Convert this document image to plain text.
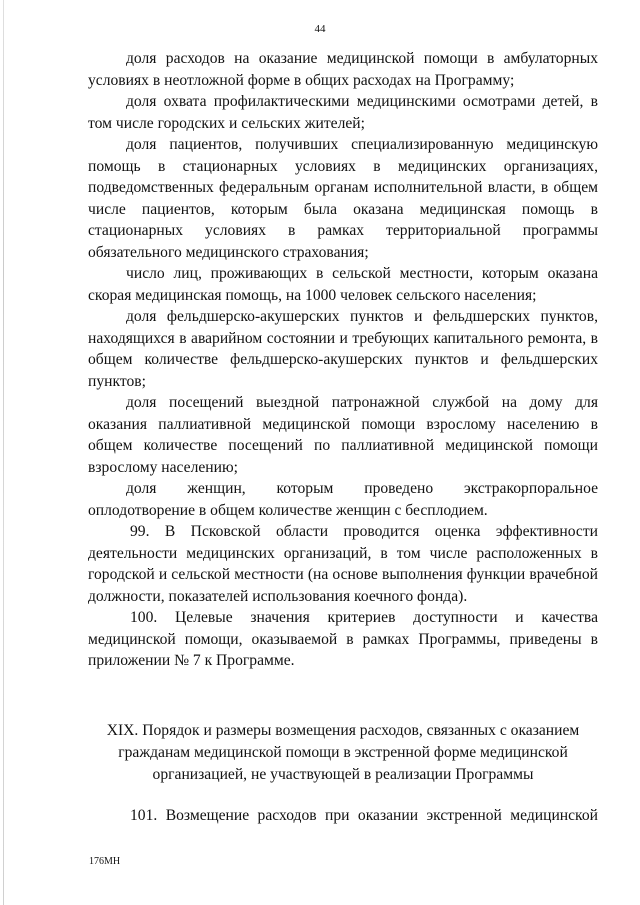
44

доля расходов на оказание медицинской помощи в амбулаторных условиях в неотложной форме в общих расходах на Программу;

доля охвата профилактическими медицинскими осмотрами детей, в том числе городских и сельских жителей;

доля пациентов, получивших специализированную медицинскую помощь в стационарных условиях в медицинских организациях, подведомственных федеральным органам исполнительной власти, в общем числе пациентов, которым была оказана медицинская помощь в стационарных условиях в рамках территориальной программы обязательного медицинского страхования;

число лиц, проживающих в сельской местности, которым оказана скорая медицинская помощь, на 1000 человек сельского населения;

доля фельдшерско-акушерских пунктов и фельдшерских пунктов, находящихся в аварийном состоянии и требующих капитального ремонта, в общем количестве фельдшерско-акушерских пунктов и фельдшерских пунктов;

доля посещений выездной патронажной службой на дому для оказания паллиативной медицинской помощи взрослому населению в общем количестве посещений по паллиативной медицинской помощи взрослому населению;

доля женщин, которым проведено экстракорпоральное оплодотворение в общем количестве женщин с бесплодием.

99. В Псковской области проводится оценка эффективности деятельности медицинских организаций, в том числе расположенных в городской и сельской местности (на основе выполнения функции врачебной должности, показателей использования коечного фонда).

100. Целевые значения критериев доступности и качества медицинской помощи, оказываемой в рамках Программы, приведены в приложении № 7 к Программе.

XIX. Порядок и размеры возмещения расходов, связанных с оказанием гражданам медицинской помощи в экстренной форме медицинской организацией, не участвующей в реализации Программы

101. Возмещение расходов при оказании экстренной медицинской

176МН
